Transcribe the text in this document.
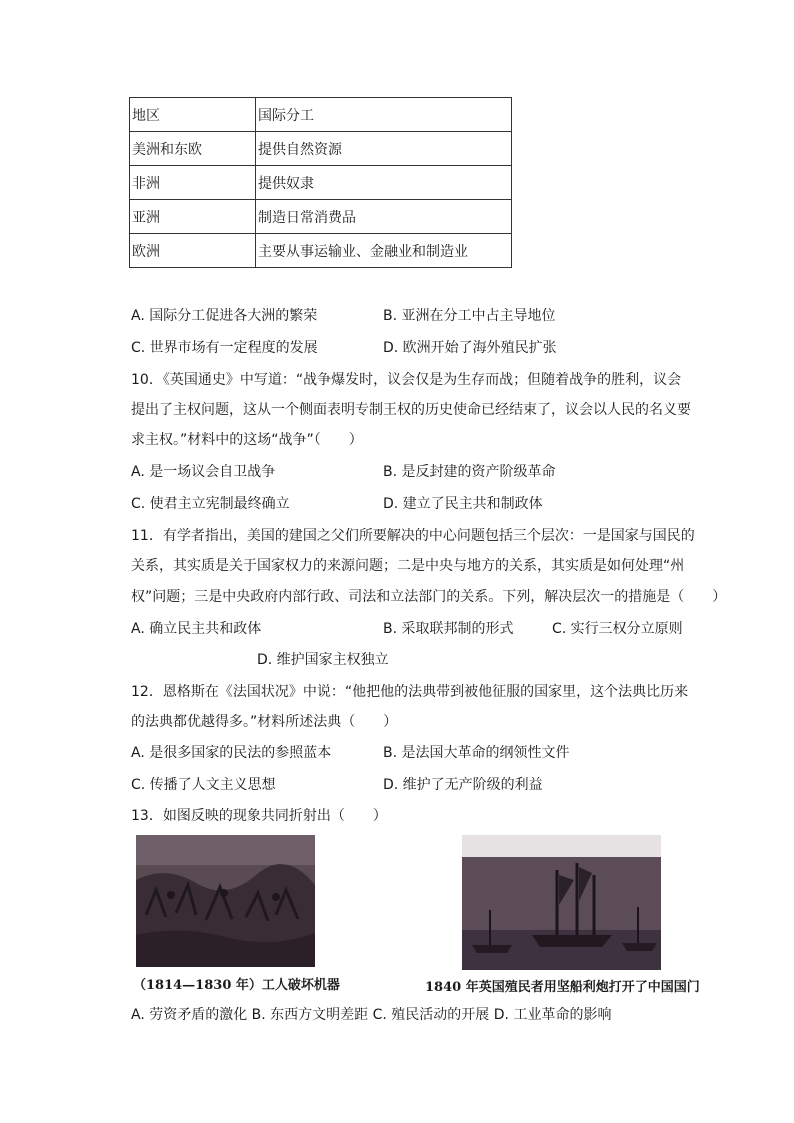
地区	国际分工
美洲和东欧	提供自然资源
非洲	提供奴隶
亚洲	制造日常消费品
欧洲	主要从事运输业、金融业和制造业
A. 国际分工促进各大洲的繁荣	B. 亚洲在分工中占主导地位
C. 世界市场有一定程度的发展	D. 欧洲开始了海外殖民扩张
10．《英国通史》中写道：“战争爆发时，议会仅是为生存而战；但随着战争的胜利，议会
提出了主权问题，这从一个侧面表明专制王权的历史使命已经结束了，议会以人民的名义要
求主权。”材料中的这场“战争”（　　）
A. 是一场议会自卫战争	B. 是反封建的资产阶级革命
C. 使君主立宪制最终确立	D. 建立了民主共和制政体
11．有学者指出，美国的建国之父们所要解决的中心问题包括三个层次：一是国家与国民的
关系，其实质是关于国家权力的来源问题；二是中央与地方的关系，其实质是如何处理“州
权”问题；三是中央政府内部行政、司法和立法部门的关系。下列，解决层次一的措施是（　　）
A. 确立民主共和政体	B. 采取联邦制的形式	C. 实行三权分立原则
D. 维护国家主权独立
12．恩格斯在《法国状况》中说：“他把他的法典带到被他征服的国家里，这个法典比历来
的法典都优越得多。”材料所述法典（　　）
A. 是很多国家的民法的参照蓝本	B. 是法国大革命的纲领性文件
C. 传播了人文主义思想	D. 维护了无产阶级的利益
13．如图反映的现象共同折射出（　　）
（1814—1830 年）工人破坏机器	1840 年英国殖民者用坚船利炮打开了中国国门
A. 劳资矛盾的激化 B. 东西方文明差距 C. 殖民活动的开展 D. 工业革命的影响
